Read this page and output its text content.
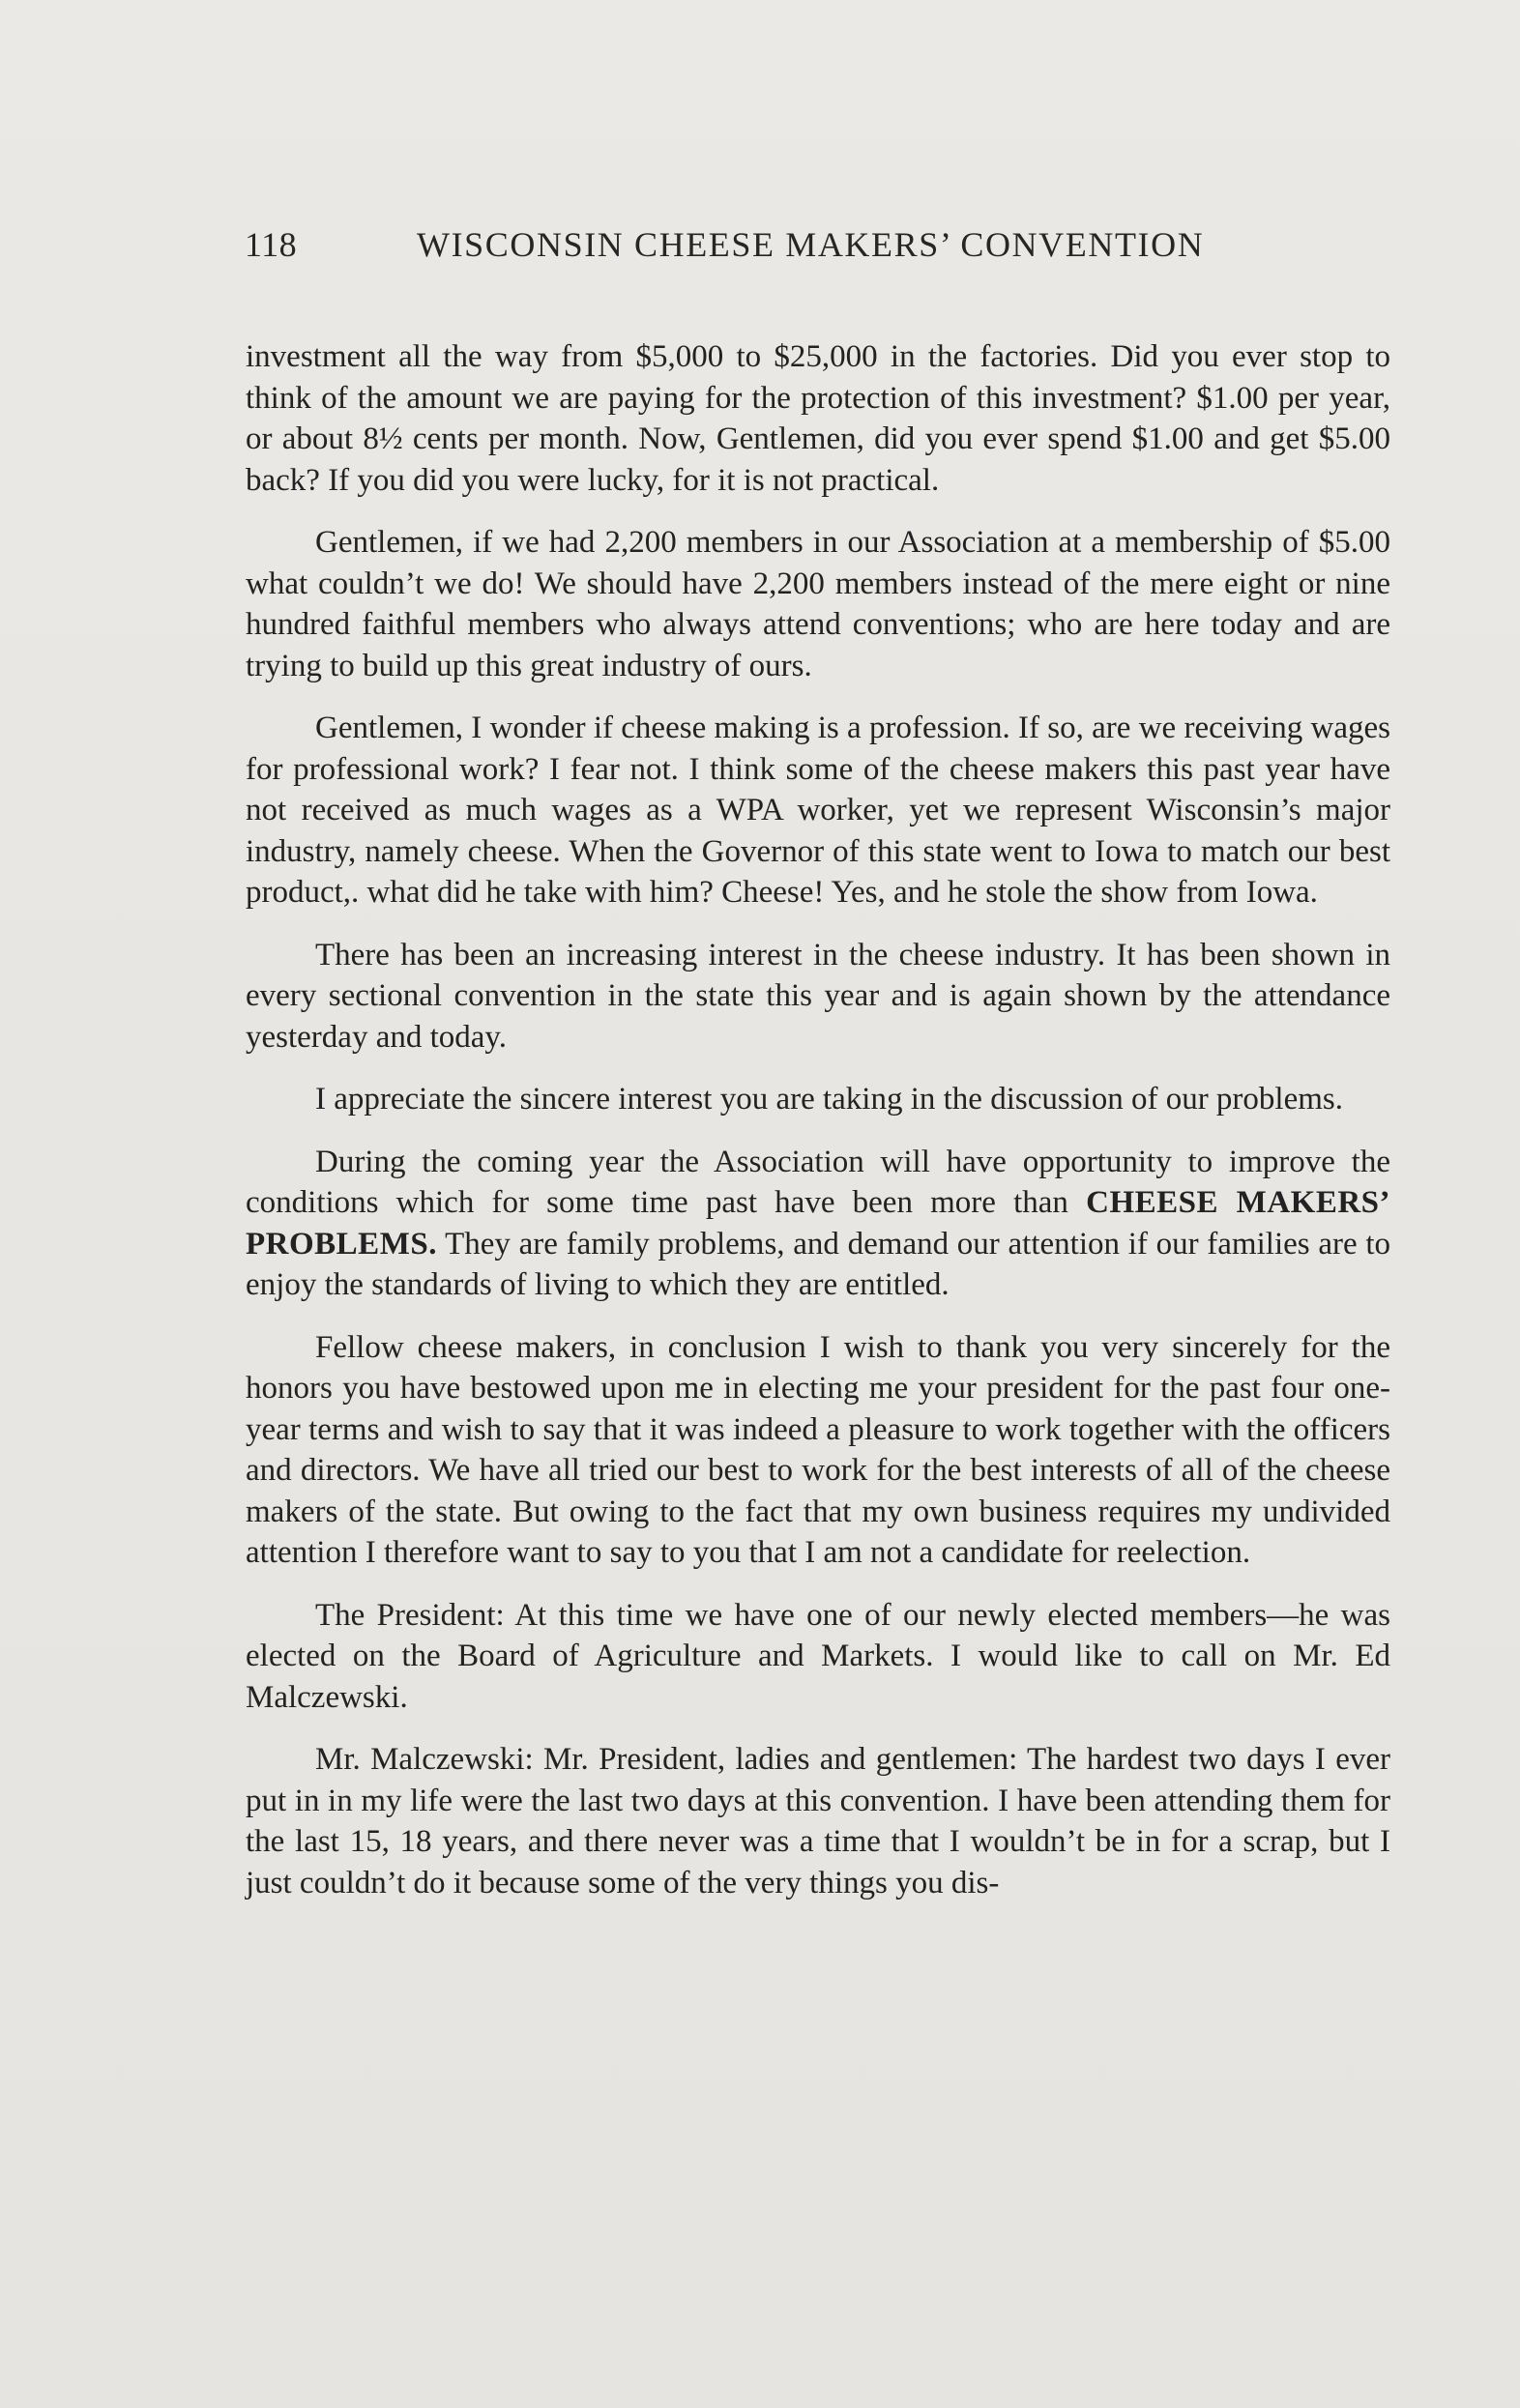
118	WISCONSIN CHEESE MAKERS’ CONVENTION

investment all the way from $5,000 to $25,000 in the factories. Did you ever stop to think of the amount we are paying for the protection of this investment? $1.00 per year, or about 8½ cents per month. Now, Gentlemen, did you ever spend $1.00 and get $5.00 back? If you did you were lucky, for it is not practical.

Gentlemen, if we had 2,200 members in our Association at a membership of $5.00 what couldn’t we do! We should have 2,200 members instead of the mere eight or nine hundred faithful members who always attend conventions; who are here today and are trying to build up this great industry of ours.

Gentlemen, I wonder if cheese making is a profession. If so, are we receiving wages for professional work? I fear not. I think some of the cheese makers this past year have not received as much wages as a WPA worker, yet we represent Wisconsin’s major industry, namely cheese. When the Governor of this state went to Iowa to match our best product,. what did he take with him? Cheese! Yes, and he stole the show from Iowa.

There has been an increasing interest in the cheese industry. It has been shown in every sectional convention in the state this year and is again shown by the attendance yesterday and today.

I appreciate the sincere interest you are taking in the discussion of our problems.

During the coming year the Association will have opportunity to improve the conditions which for some time past have been more than CHEESE MAKERS’ PROBLEMS. They are family problems, and demand our attention if our families are to enjoy the standards of living to which they are entitled.

Fellow cheese makers, in conclusion I wish to thank you very sincerely for the honors you have bestowed upon me in electing me your president for the past four one-year terms and wish to say that it was indeed a pleasure to work together with the officers and directors. We have all tried our best to work for the best interests of all of the cheese makers of the state. But owing to the fact that my own business requires my undivided attention I therefore want to say to you that I am not a candidate for reelection.

The President: At this time we have one of our newly elected members—he was elected on the Board of Agriculture and Markets. I would like to call on Mr. Ed Malczewski.

Mr. Malczewski: Mr. President, ladies and gentlemen: The hardest two days I ever put in in my life were the last two days at this convention. I have been attending them for the last 15, 18 years, and there never was a time that I wouldn’t be in for a scrap, but I just couldn’t do it because some of the very things you dis-
